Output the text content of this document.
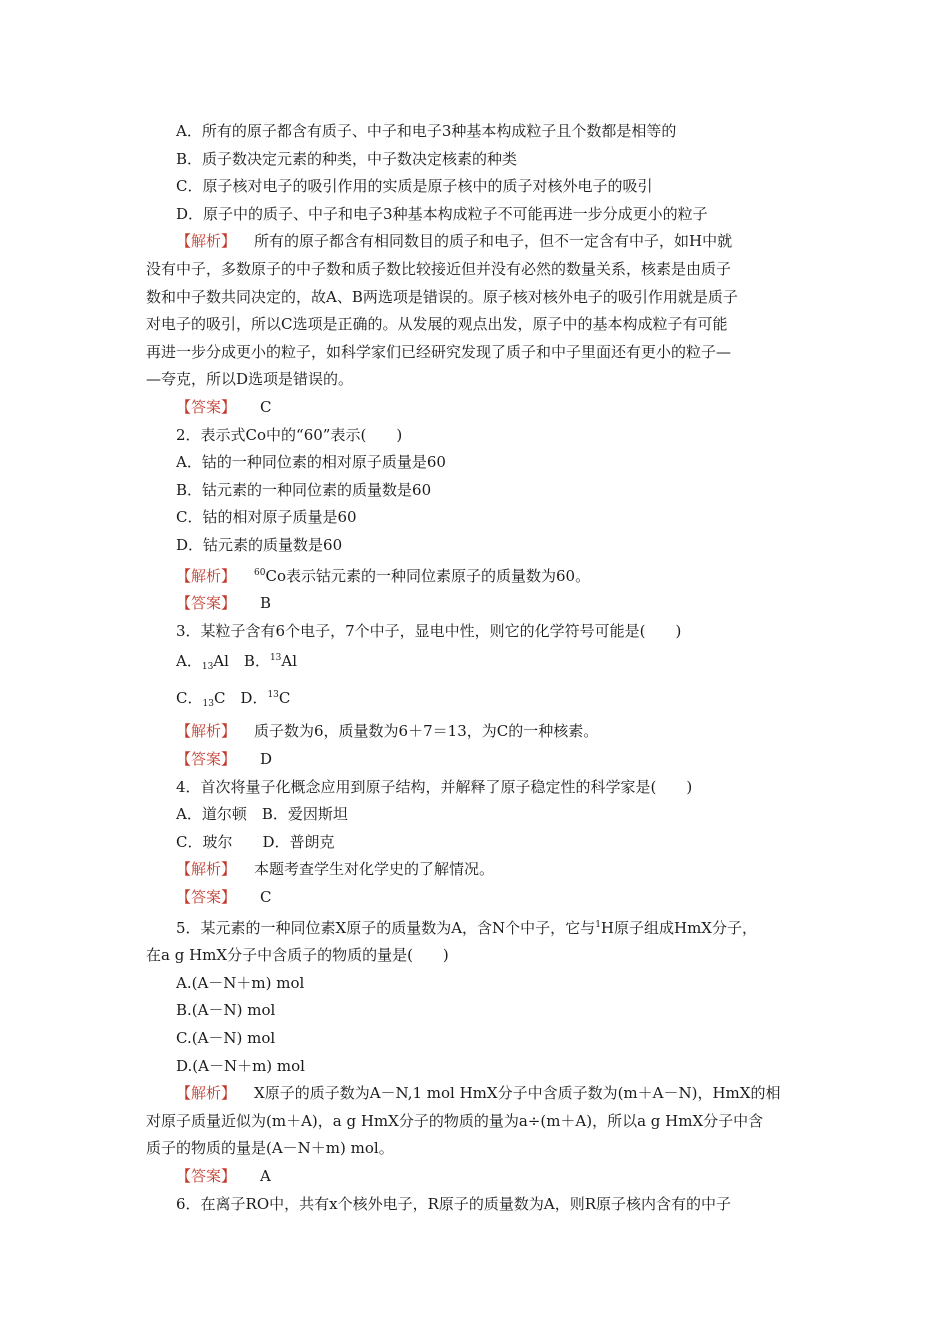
A．所有的原子都含有质子、中子和电子3种基本构成粒子且个数都是相等的
B．质子数决定元素的种类，中子数决定核素的种类
C．原子核对电子的吸引作用的实质是原子核中的质子对核外电子的吸引
D．原子中的质子、中子和电子3种基本构成粒子不可能再进一步分成更小的粒子
【解析】 所有的原子都含有相同数目的质子和电子，但不一定含有中子，如H中就
没有中子，多数原子的中子数和质子数比较接近但并没有必然的数量关系，核素是由质子
数和中子数共同决定的，故A、B两选项是错误的。原子核对核外电子的吸引作用就是质子
对电子的吸引，所以C选项是正确的。从发展的观点出发，原子中的基本构成粒子有可能
再进一步分成更小的粒子，如科学家们已经研究发现了质子和中子里面还有更小的粒子—
—夸克，所以D选项是错误的。
【答案】 C
2．表示式Co中的“60”表示(　　)
A．钴的一种同位素的相对原子质量是60
B．钴元素的一种同位素的质量数是60
C．钴的相对原子质量是60
D．钴元素的质量数是60
【解析】 $^{60}$Co表示钴元素的一种同位素原子的质量数为60。
【答案】 B
3．某粒子含有6个电子，7个中子，显电中性，则它的化学符号可能是(　　)
A．$_{13}$Al　B．$^{13}$Al
C．$_{13}$C　D．$^{13}$C
【解析】 质子数为6，质量数为6＋7＝13，为C的一种核素。
【答案】 D
4．首次将量子化概念应用到原子结构，并解释了原子稳定性的科学家是(　　)
A．道尔顿　B．爱因斯坦
C．玻尔　　D．普朗克
【解析】 本题考查学生对化学史的了解情况。
【答案】 C
5．某元素的一种同位素X原子的质量数为A，含N个中子，它与$^1$H原子组成HmX分子，
在a g HmX分子中含质子的物质的量是(　　)
A.(A－N＋m) mol
B.(A－N) mol
C.(A－N) mol
D.(A－N＋m) mol
【解析】 X原子的质子数为A－N,1 mol HmX分子中含质子数为(m＋A－N)，HmX的相
对原子质量近似为(m＋A)，a g HmX分子的物质的量为a÷(m＋A)，所以a g HmX分子中含
质子的物质的量是(A－N＋m) mol。
【答案】 A
6．在离子RO中，共有x个核外电子，R原子的质量数为A，则R原子核内含有的中子
